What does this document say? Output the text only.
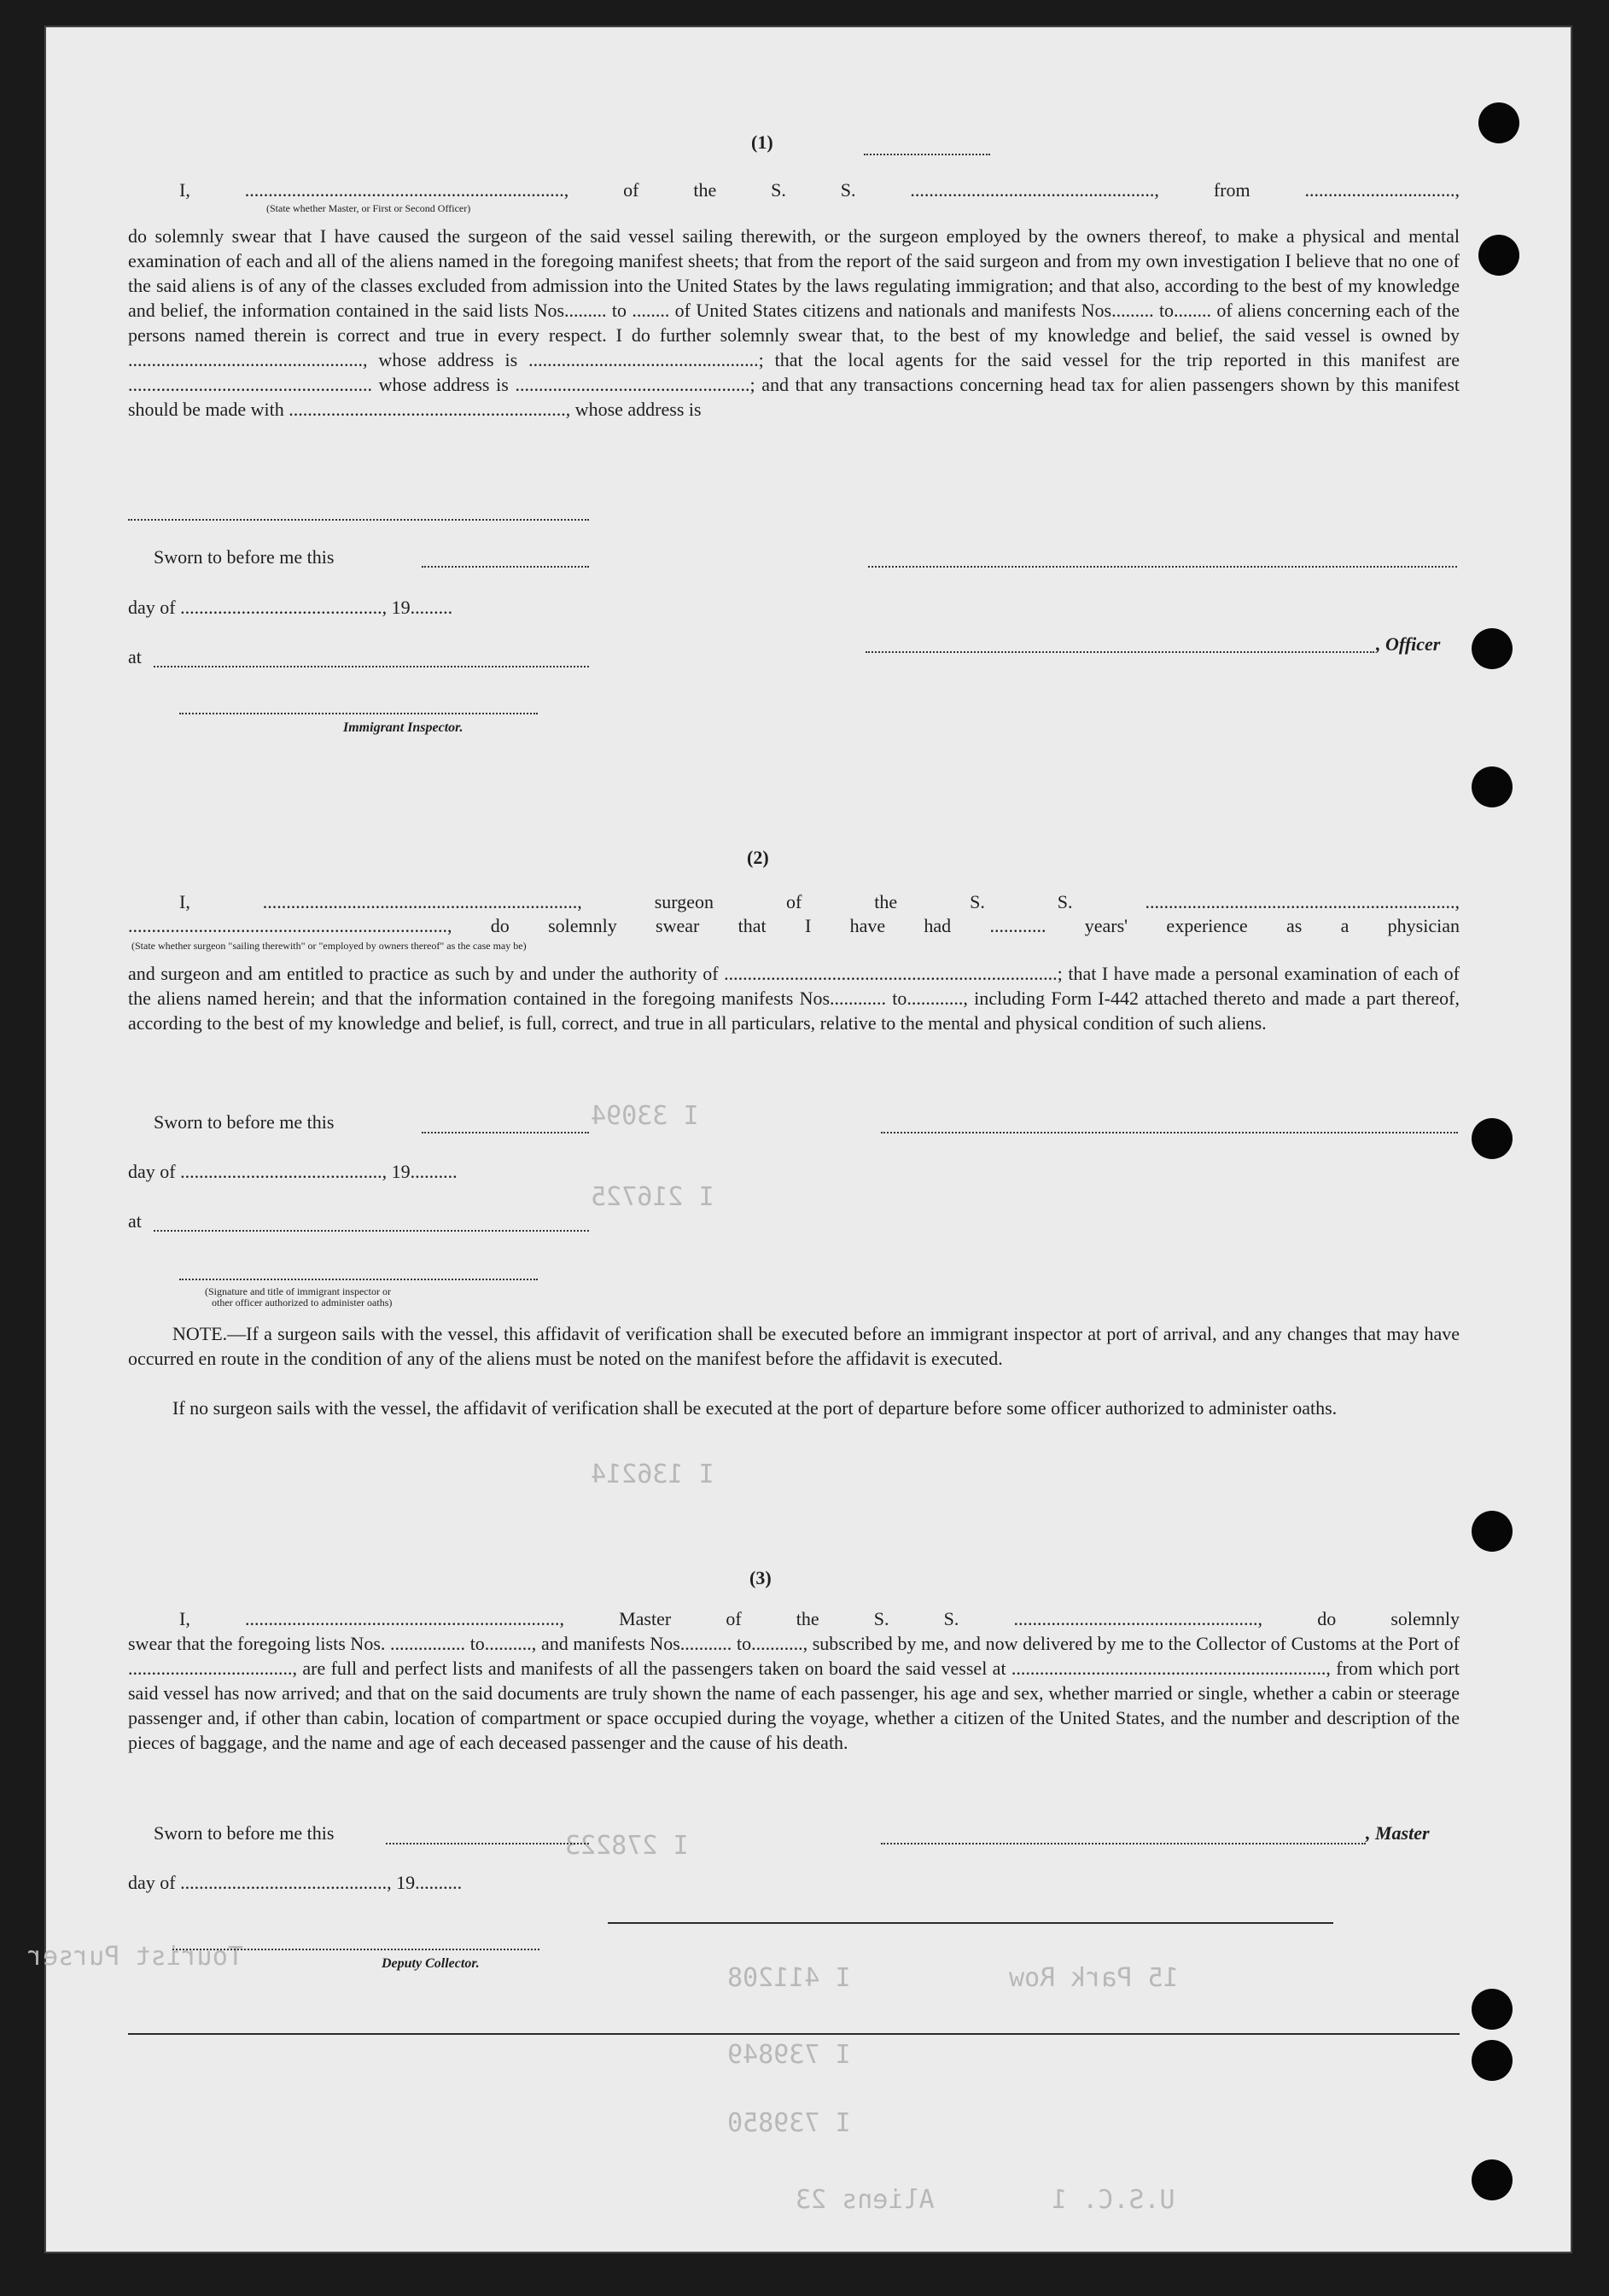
Aliens 23	U.S.C. 1
I 739850
I 739849
I 411208	15 Park Row
I 278223
Tourist Purser
I 33094
I 216725
I 136214
(1)
I, ...................................................................., of the S. S. ...................................................., from ................................,
(State whether Master, or First or Second Officer)
do solemnly swear that I have caused the surgeon of the said vessel sailing therewith, or the surgeon employed by the owners thereof, to make a physical and mental examination of each and all of the aliens named in the foregoing manifest sheets; that from the report of the said surgeon and from my own investigation I believe that no one of the said aliens is of any of the classes excluded from admission into the United States by the laws regulating immigration; and that also, according to the best of my knowledge and belief, the information contained in the said lists Nos......... to ........ of United States citizens and nationals and manifests Nos......... to........ of aliens concerning each of the persons named therein is correct and true in every respect. I do further solemnly swear that, to the best of my knowledge and belief, the said vessel is owned by .................................................., whose address is .................................................; that the local agents for the said vessel for the trip reported in this manifest are .................................................... whose address is ..................................................; and that any transactions concerning head tax for alien passengers shown by this manifest should be made with ..........................................................., whose address is
Sworn to before me this
day of ..........................................., 19.........
, Officer
at
Immigrant Inspector.
(2)
I, ..................................................................., surgeon of the S. S. ..................................................................,
...................................................................., do solemnly swear that I have had ............ years' experience as a physician
(State whether surgeon "sailing therewith" or "employed by owners thereof" as the case may be)
and surgeon and am entitled to practice as such by and under the authority of .......................................................................; that I have made a personal examination of each of the aliens named herein; and that the information contained in the foregoing manifests Nos............ to............, including Form I-442 attached thereto and made a part thereof, according to the best of my knowledge and belief, is full, correct, and true in all particulars, relative to the mental and physical condition of such aliens.
Sworn to before me this
day of ..........................................., 19..........
at
(Signature and title of immigrant inspector or
other officer authorized to administer oaths)
NOTE.—If a surgeon sails with the vessel, this affidavit of verification shall be executed before an immigrant inspector at port of arrival, and any changes that may have occurred en route in the condition of any of the aliens must be noted on the manifest before the affidavit is executed.
If no surgeon sails with the vessel, the affidavit of verification shall be executed at the port of departure before some officer authorized to administer oaths.
(3)
I, ..................................................................., Master of the S. S. ...................................................., do solemnly
swear that the foregoing lists Nos. ................ to.........., and manifests Nos........... to..........., subscribed by me, and now delivered by me to the Collector of Customs at the Port of ..................................., are full and perfect lists and manifests of all the passengers taken on board the said vessel at ..................................................................., from which port said vessel has now arrived; and that on the said documents are truly shown the name of each passenger, his age and sex, whether married or single, whether a cabin or steerage passenger and, if other than cabin, location of compartment or space occupied during the voyage, whether a citizen of the United States, and the number and description of the pieces of baggage, and the name and age of each deceased passenger and the cause of his death.
Sworn to before me this	, Master
day of ............................................, 19..........
Deputy Collector.
